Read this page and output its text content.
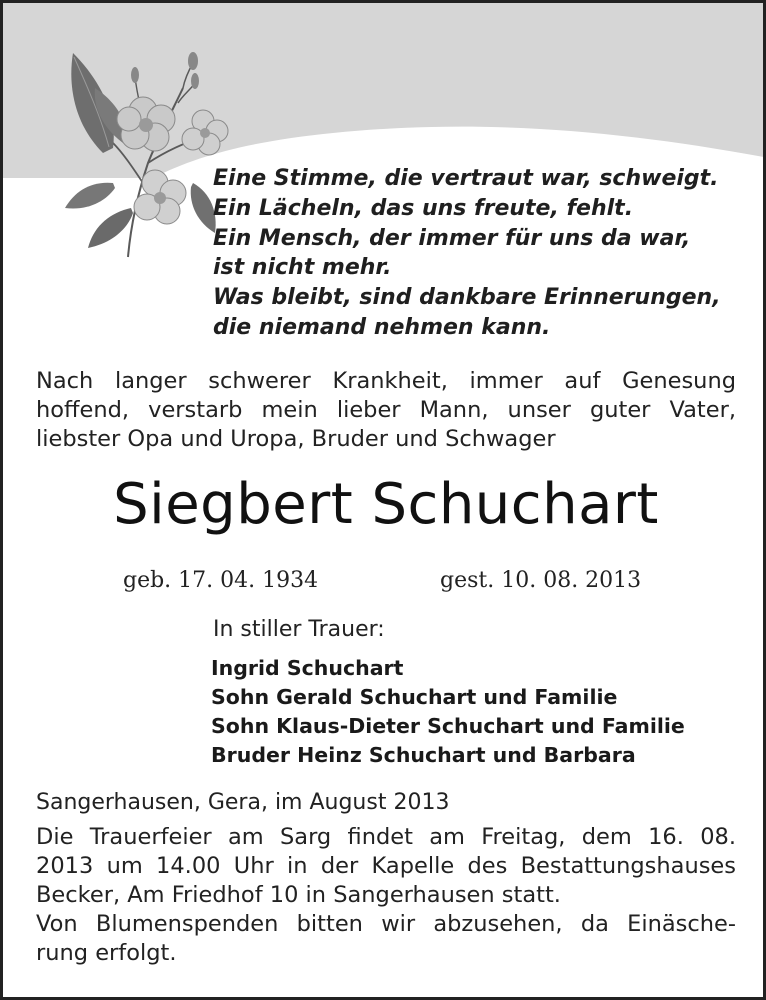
Eine Stimme, die vertraut war, schweigt.
Ein Lächeln, das uns freute, fehlt.
Ein Mensch, der immer für uns da war,
ist nicht mehr.
Was bleibt, sind dankbare Erinnerungen,
die niemand nehmen kann.
Nach langer schwerer Krankheit, immer auf Genesung
hoffend, verstarb mein lieber Mann, unser guter Vater,
liebster Opa und Uropa, Bruder und Schwager
Siegbert Schuchart
geb. 17. 04. 1934	gest. 10. 08. 2013
In stiller Trauer:
Ingrid Schuchart
Sohn Gerald Schuchart und Familie
Sohn Klaus-Dieter Schuchart und Familie
Bruder Heinz Schuchart und Barbara
Sangerhausen, Gera, im August 2013
Die Trauerfeier am Sarg findet am Freitag, dem 16. 08.
2013 um 14.00 Uhr in der Kapelle des Bestattungshauses
Becker, Am Friedhof 10 in Sangerhausen statt.
Von Blumenspenden bitten wir abzusehen, da Einäsche-
rung erfolgt.
